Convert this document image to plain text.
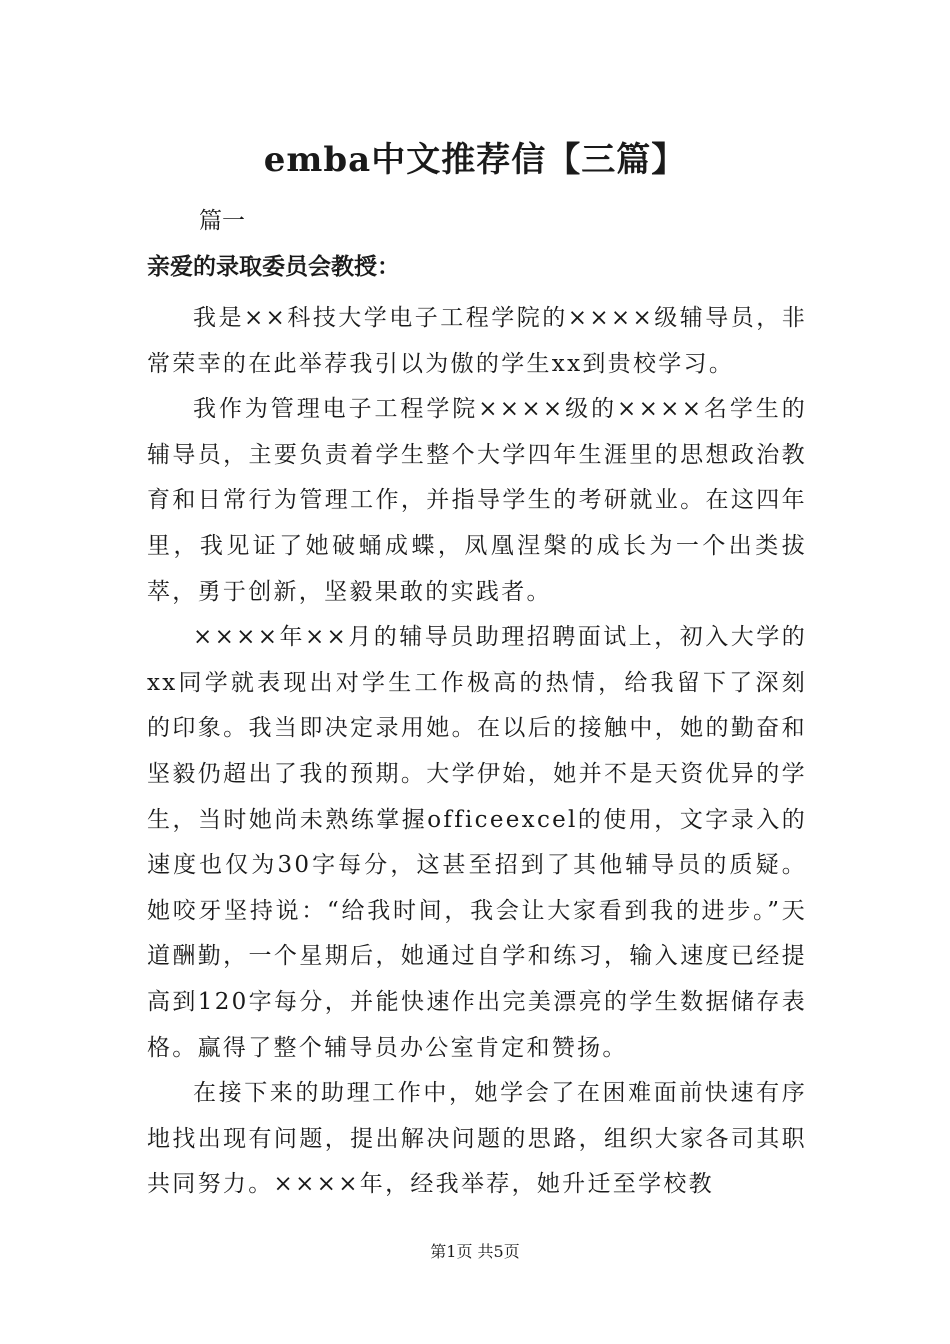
emba中文推荐信【三篇】
篇一
亲爱的录取委员会教授：

我是××科技大学电子工程学院的××××级辅导员，非常荣幸的在此举荐我引以为傲的学生xx到贵校学习。

我作为管理电子工程学院××××级的××××名学生的辅导员，主要负责着学生整个大学四年生涯里的思想政治教育和日常行为管理工作，并指导学生的考研就业。在这四年里，我见证了她破蛹成蝶，凤凰涅槃的成长为一个出类拔萃，勇于创新，坚毅果敢的实践者。

××××年××月的辅导员助理招聘面试上，初入大学的xx同学就表现出对学生工作极高的热情，给我留下了深刻的印象。我当即决定录用她。在以后的接触中，她的勤奋和坚毅仍超出了我的预期。大学伊始，她并不是天资优异的学生，当时她尚未熟练掌握officeexcel的使用，文字录入的速度也仅为30字每分，这甚至招到了其他辅导员的质疑。她咬牙坚持说：“给我时间，我会让大家看到我的进步。”天道酬勤，一个星期后，她通过自学和练习，输入速度已经提高到120字每分，并能快速作出完美漂亮的学生数据储存表格。赢得了整个辅导员办公室肯定和赞扬。

在接下来的助理工作中，她学会了在困难面前快速有序地找出现有问题，提出解决问题的思路，组织大家各司其职共同努力。××××年，经我举荐，她升迁至学校教

第1页 共5页
